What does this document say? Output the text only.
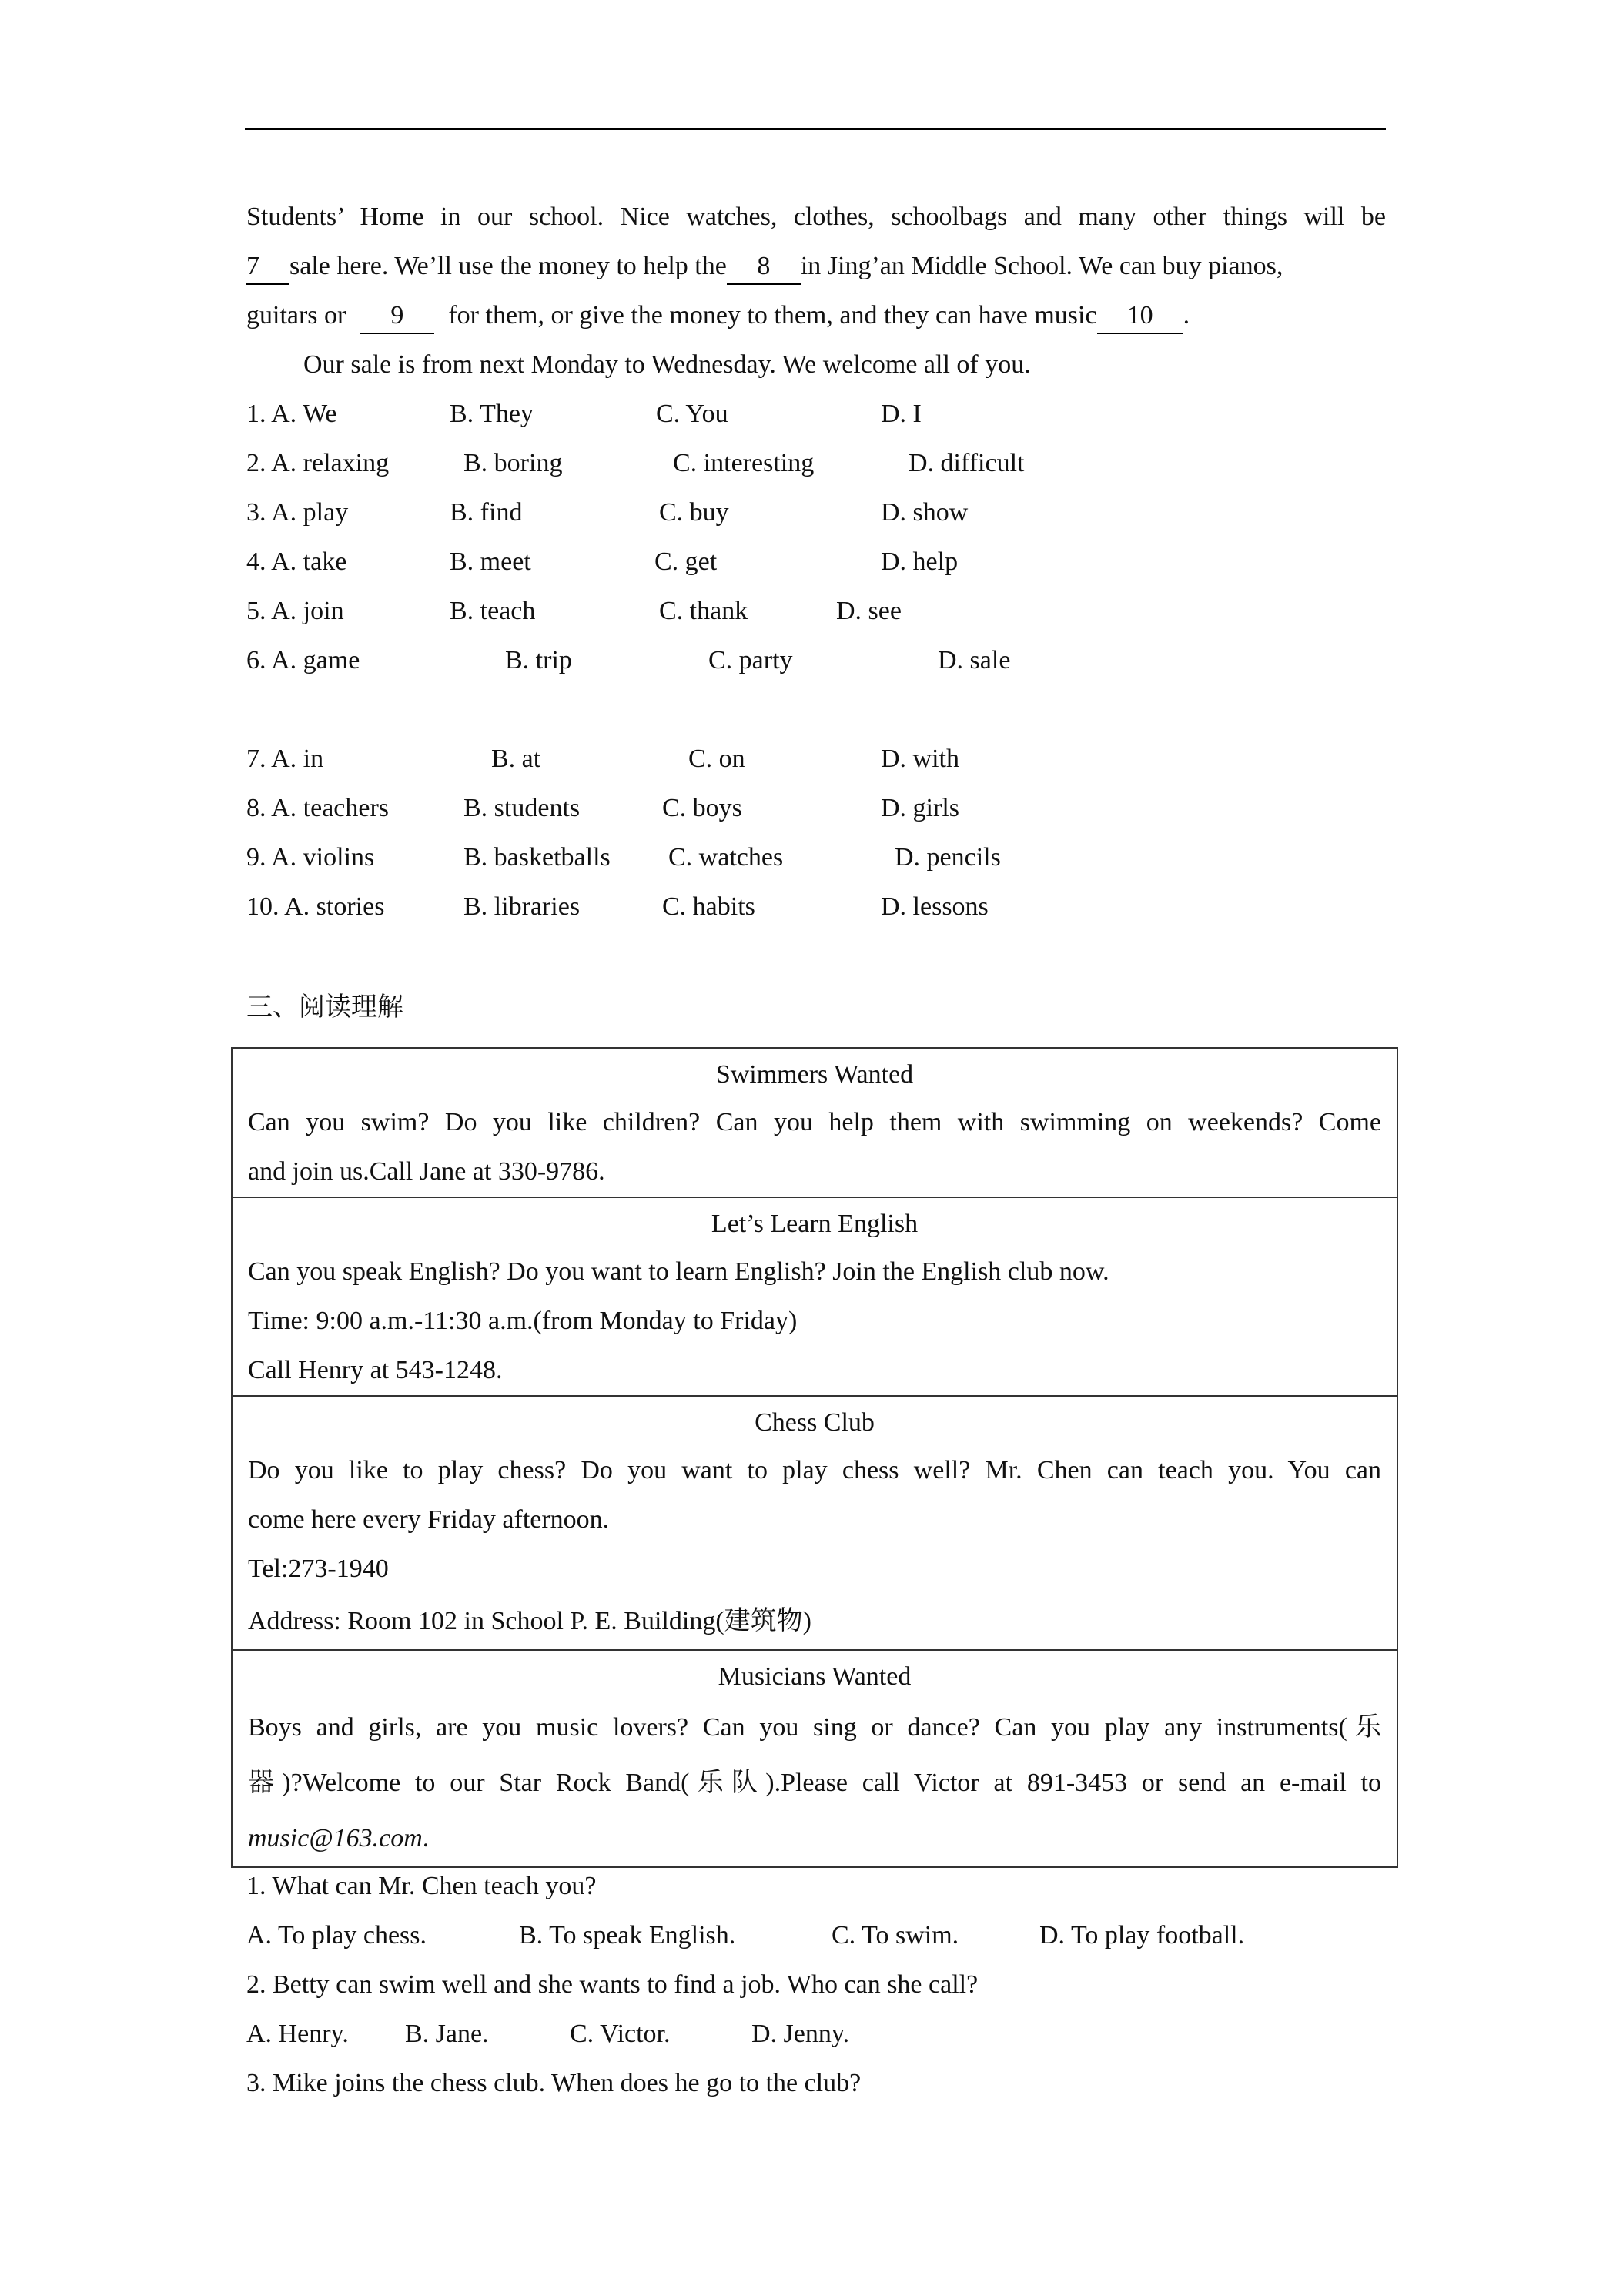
Students’ Home in our school. Nice watches, clothes, schoolbags and many other things will be
7 sale here. We’ll use the money to help the 8 in Jing’an Middle School. We can buy pianos,
guitars or 9 for them, or give the money to them, and they can have music 10 .
Our sale is from next Monday to Wednesday. We welcome all of you.
1. A. We	B. They	C. You	D. I
2. A. relaxing	B. boring	C. interesting	D. difficult
3. A. play	B. find	C. buy	D. show
4. A. take	B. meet	C. get	D. help
5. A. join	B. teach	C. thank	D. see
6. A. game	B. trip	C. party	D. sale
7. A. in	B. at	C. on	D. with
8. A. teachers	B. students	C. boys	D. girls
9. A. violins	B. basketballs C. watches	D. pencils
10. A. stories	B. libraries	C. habits	D. lessons
三、阅读理解
Swimmers Wanted
Can you swim? Do you like children? Can you help them with swimming on weekends? Come
and join us.Call Jane at 330-9786.
Let’s Learn English
Can you speak English? Do you want to learn English? Join the English club now.
Time: 9:00 a.m.-11:30 a.m.(from Monday to Friday)
Call Henry at 543-1248.
Chess Club
Do you like to play chess? Do you want to play chess well? Mr. Chen can teach you. You can
come here every Friday afternoon.
Tel:273-1940
Address: Room 102 in School P. E. Building(建筑物)
Musicians Wanted
Boys and girls, are you music lovers? Can you sing or dance? Can you play any instruments(乐
器)?Welcome to our Star Rock Band(乐队).Please call Victor at 891-3453 or send an e-mail to
music@163.com.
1. What can Mr. Chen teach you?
A. To play chess.	B. To speak English.	C. To swim.	D. To play football.
2. Betty can swim well and she wants to find a job. Who can she call?
A. Henry. B. Jane.	C. Victor.	D. Jenny.
3. Mike joins the chess club. When does he go to the club?
